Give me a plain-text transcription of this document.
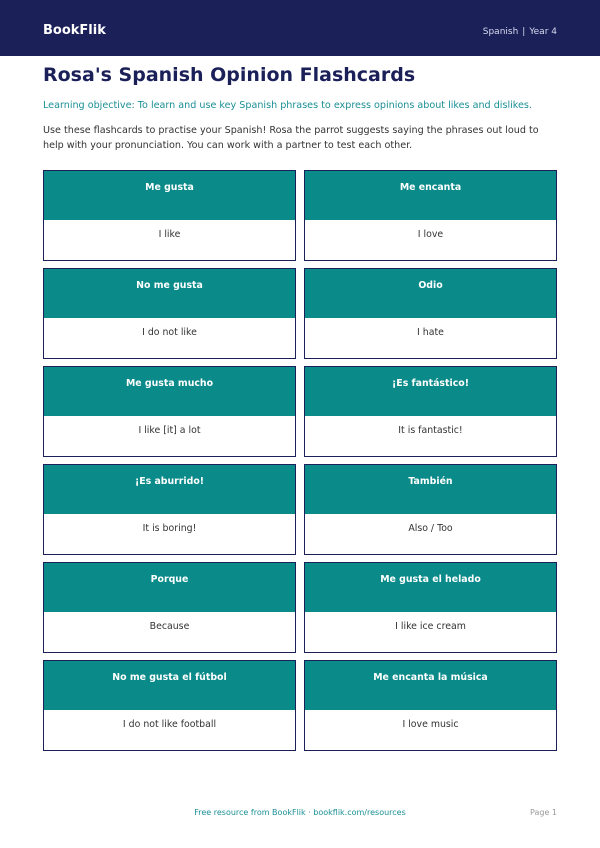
BookFlik	Spanish | Year 4
Rosa's Spanish Opinion Flashcards

Learning objective: To learn and use key Spanish phrases to express opinions about likes and dislikes.

Use these flashcards to practise your Spanish! Rosa the parrot suggests saying the phrases out loud to help with your pronunciation. You can work with a partner to test each other.

Me gusta
I like
Me encanta
I love
No me gusta
I do not like
Odio
I hate
Me gusta mucho
I like [it] a lot
¡Es fantástico!
It is fantastic!
¡Es aburrido!
It is boring!
También
Also / Too
Porque
Because
Me gusta el helado
I like ice cream
No me gusta el fútbol
I do not like football
Me encanta la música
I love music
Free resource from BookFlik · bookflik.com/resources	Page 1
